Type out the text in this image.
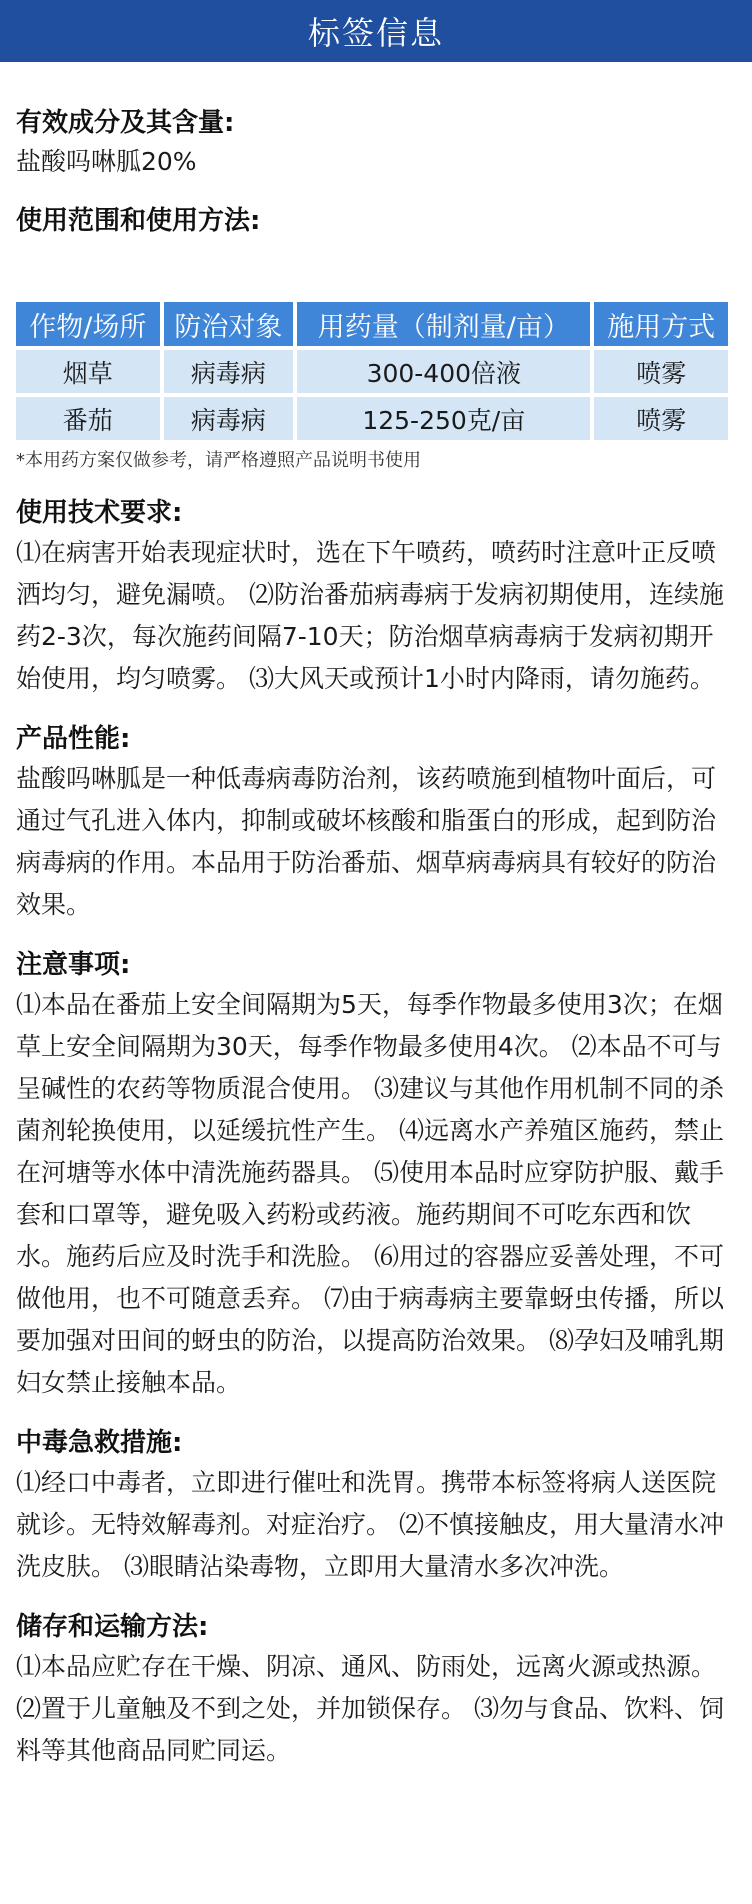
标签信息
有效成分及其含量:
盐酸吗啉胍20%
使用范围和使用方法:
作物/场所	防治对象	用药量（制剂量/亩）	施用方式
烟草	病毒病	300-400倍液	喷雾
番茄	病毒病	125-250克/亩	喷雾
*本用药方案仅做参考，请严格遵照产品说明书使用
使用技术要求:
⑴在病害开始表现症状时，选在下午喷药，喷药时注意叶正反喷洒均匀，避免漏喷。 ⑵防治番茄病毒病于发病初期使用，连续施药2-3次，每次施药间隔7-10天；防治烟草病毒病于发病初期开始使用，均匀喷雾。 ⑶大风天或预计1小时内降雨，请勿施药。
产品性能:
盐酸吗啉胍是一种低毒病毒防治剂，该药喷施到植物叶面后，可通过气孔进入体内，抑制或破坏核酸和脂蛋白的形成，起到防治病毒病的作用。本品用于防治番茄、烟草病毒病具有较好的防治效果。
注意事项:
⑴本品在番茄上安全间隔期为5天，每季作物最多使用3次；在烟草上安全间隔期为30天，每季作物最多使用4次。 ⑵本品不可与呈碱性的农药等物质混合使用。 ⑶建议与其他作用机制不同的杀菌剂轮换使用，以延缓抗性产生。 ⑷远离水产养殖区施药，禁止在河塘等水体中清洗施药器具。 ⑸使用本品时应穿防护服、戴手套和口罩等，避免吸入药粉或药液。施药期间不可吃东西和饮水。施药后应及时洗手和洗脸。 ⑹用过的容器应妥善处理，不可做他用，也不可随意丢弃。 ⑺由于病毒病主要靠蚜虫传播，所以要加强对田间的蚜虫的防治，以提高防治效果。 ⑻孕妇及哺乳期妇女禁止接触本品。
中毒急救措施:
⑴经口中毒者，立即进行催吐和洗胃。携带本标签将病人送医院就诊。无特效解毒剂。对症治疗。 ⑵不慎接触皮，用大量清水冲洗皮肤。 ⑶眼睛沾染毒物，立即用大量清水多次冲洗。
储存和运输方法:
⑴本品应贮存在干燥、阴凉、通风、防雨处，远离火源或热源。 ⑵置于儿童触及不到之处，并加锁保存。 ⑶勿与食品、饮料、饲料等其他商品同贮同运。
